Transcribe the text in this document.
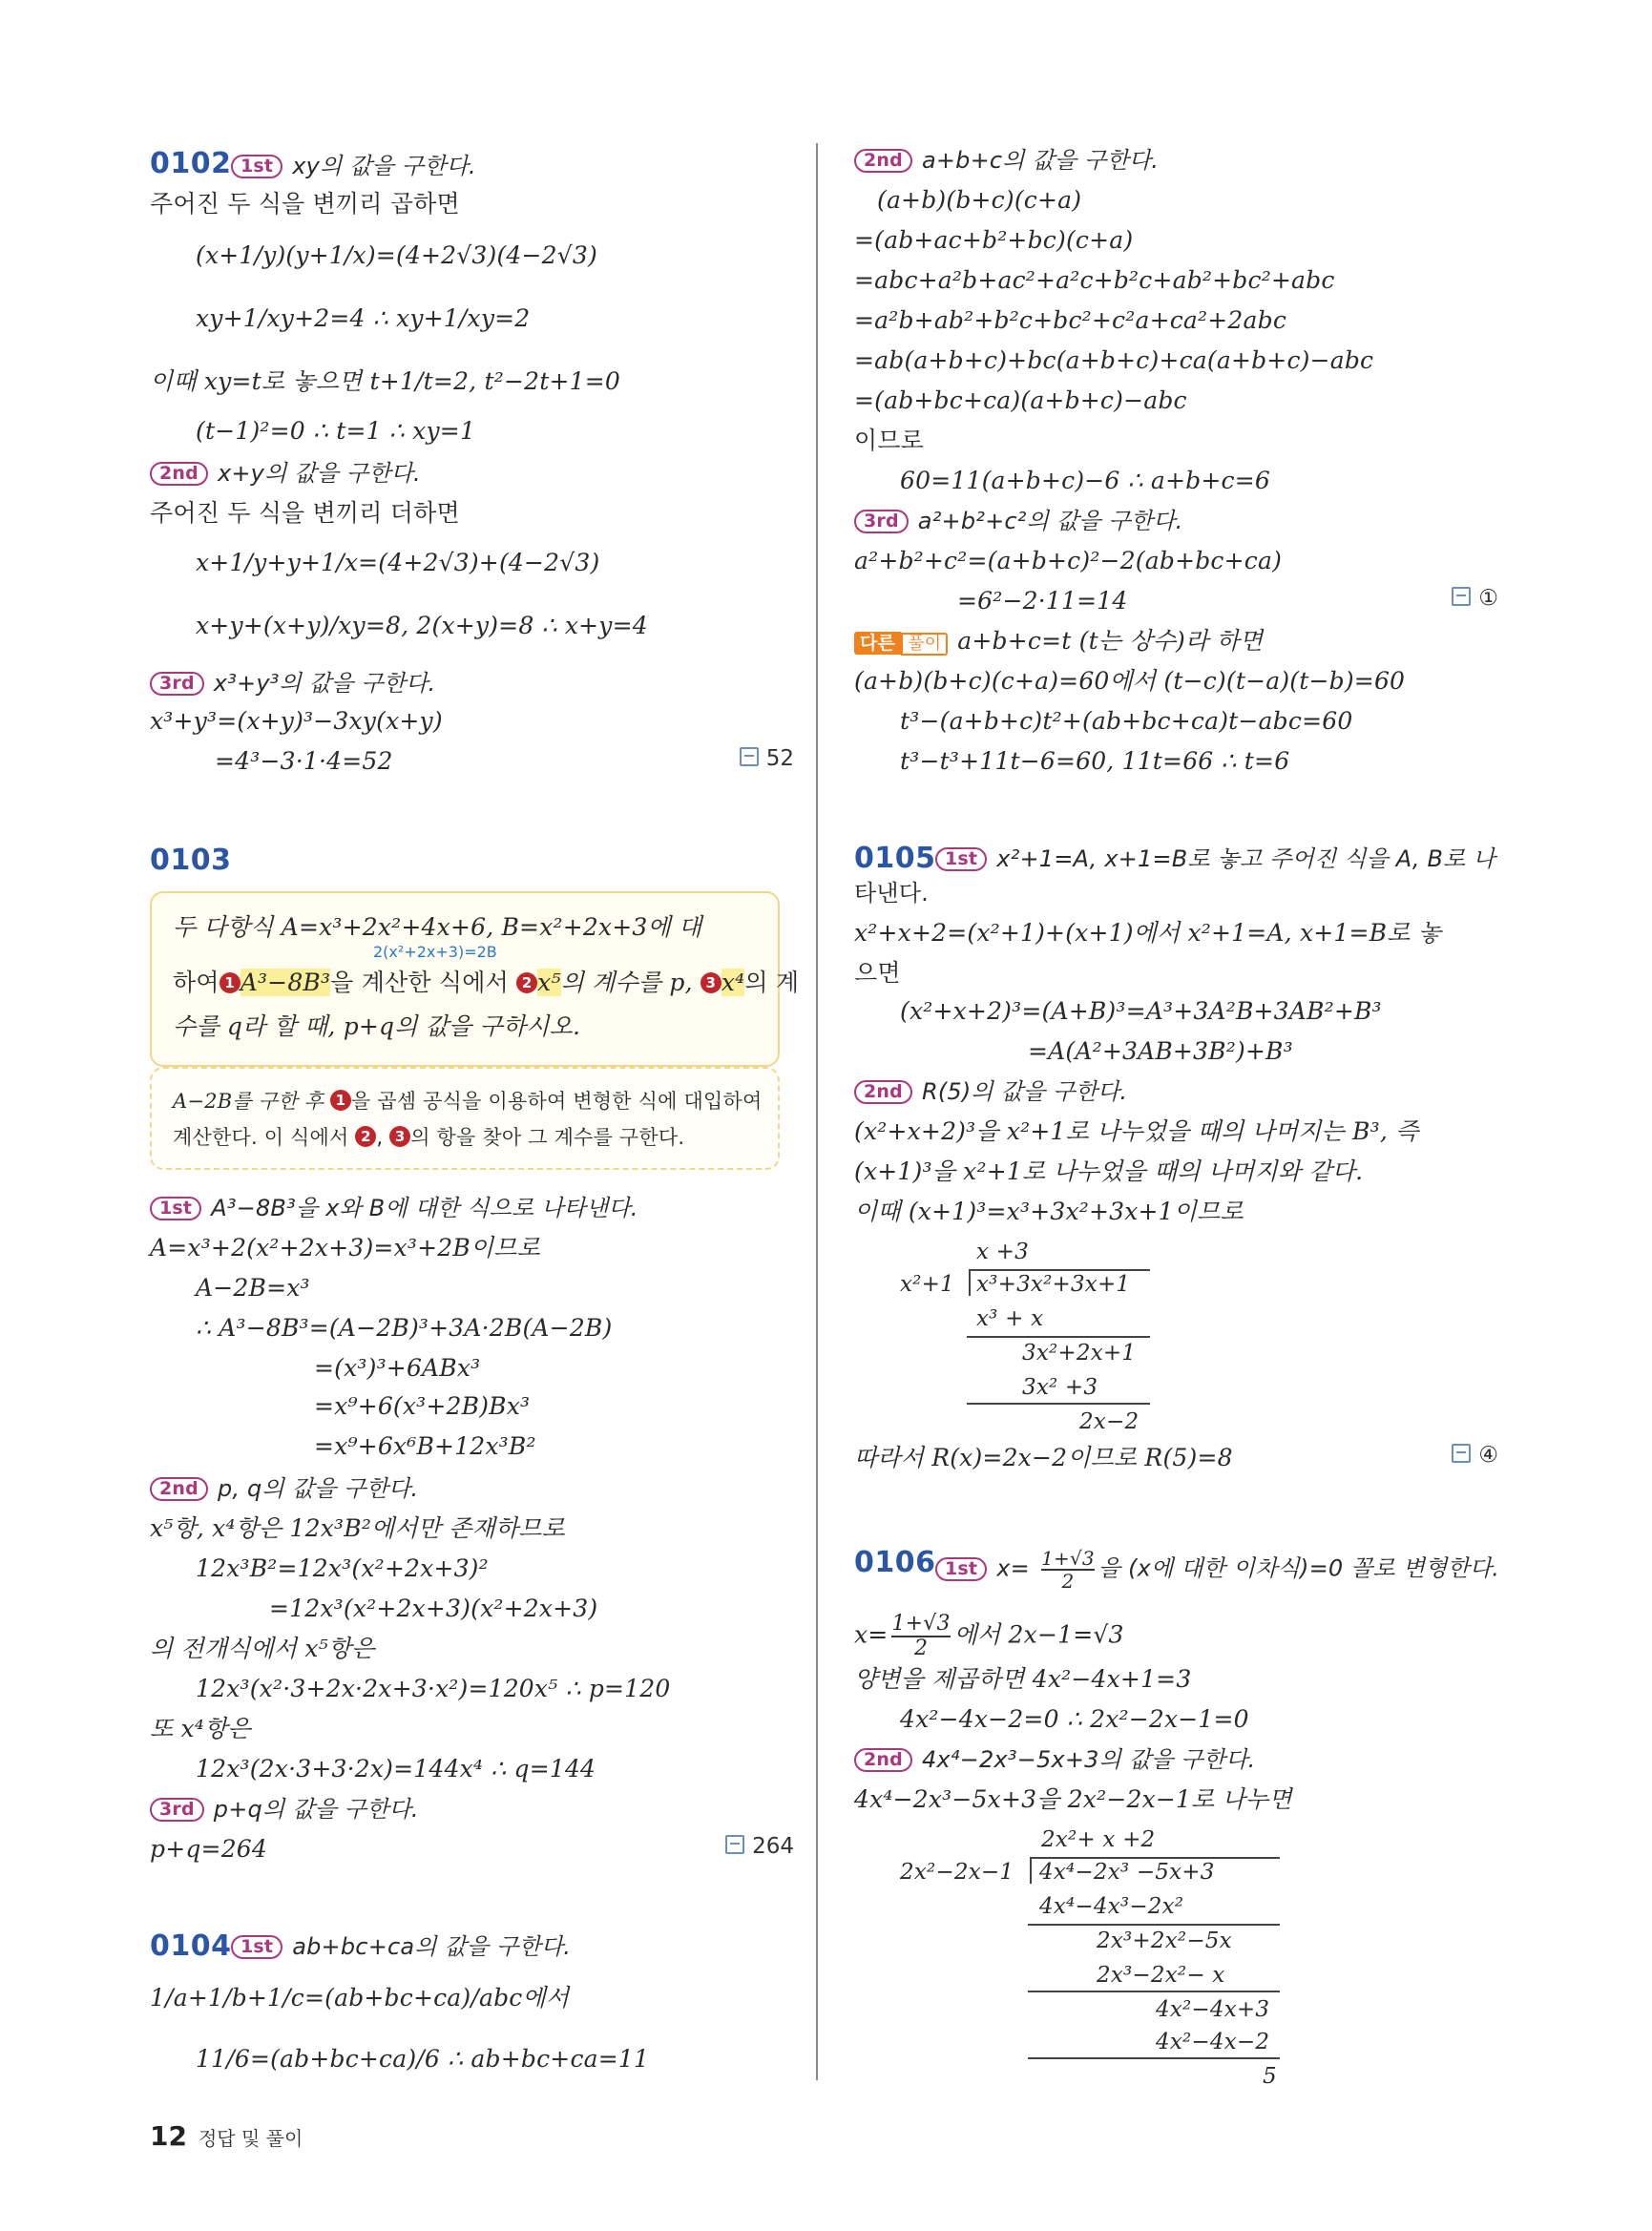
0102 1st xy의 값을 구한다.
주어진 두 식을 변끼리 곱하면
(x+1/y)(y+1/x)=(4+2√3)(4−2√3)
xy+1/xy+2=4 ∴ xy+1/xy=2
이때 xy=t로 놓으면 t+1/t=2, t²−2t+1=0
(t−1)²=0 ∴ t=1 ∴ xy=1
2nd x+y의 값을 구한다.
주어진 두 식을 변끼리 더하면
x+1/y+y+1/x=(4+2√3)+(4−2√3)
x+y+(x+y)/xy=8, 2(x+y)=8 ∴ x+y=4
3rd x³+y³의 값을 구한다.
x³+y³=(x+y)³−3xy(x+y)
=4³−3·1·4=52	52
0103
두 다항식 A=x³+2x²+4x+6, B=x²+2x+3에 대
2(x²+2x+3)=2B
하여 1 A³−8B³을 계산한 식에서 2 x⁵의 계수를 p, 3 x⁴의 계
수를 q라 할 때, p+q의 값을 구하시오.
A−2B를 구한 후 1 을 곱셈 공식을 이용하여 변형한 식에 대입하여
계산한다. 이 식에서 2 , 3 의 항을 찾아 그 계수를 구한다.
1st A³−8B³을 x와 B에 대한 식으로 나타낸다.
A=x³+2(x²+2x+3)=x³+2B이므로
A−2B=x³
∴ A³−8B³=(A−2B)³+3A·2B(A−2B)
=(x³)³+6ABx³
=x⁹+6(x³+2B)Bx³
=x⁹+6x⁶B+12x³B²
2nd p, q의 값을 구한다.
x⁵항, x⁴항은 12x³B²에서만 존재하므로
12x³B²=12x³(x²+2x+3)²
=12x³(x²+2x+3)(x²+2x+3)
의 전개식에서 x⁵항은
12x³(x²·3+2x·2x+3·x²)=120x⁵ ∴ p=120
또 x⁴항은
12x³(2x·3+3·2x)=144x⁴ ∴ q=144
3rd p+q의 값을 구한다.
p+q=264	264
0104 1st ab+bc+ca의 값을 구한다.
1/a+1/b+1/c=(ab+bc+ca)/abc에서
11/6=(ab+bc+ca)/6 ∴ ab+bc+ca=11
2nd a+b+c의 값을 구한다.
(a+b)(b+c)(c+a)
=(ab+ac+b²+bc)(c+a)
=abc+a²b+ac²+a²c+b²c+ab²+bc²+abc
=a²b+ab²+b²c+bc²+c²a+ca²+2abc
=ab(a+b+c)+bc(a+b+c)+ca(a+b+c)−abc
=(ab+bc+ca)(a+b+c)−abc
이므로
60=11(a+b+c)−6 ∴ a+b+c=6
3rd a²+b²+c²의 값을 구한다.
a²+b²+c²=(a+b+c)²−2(ab+bc+ca)
=6²−2·11=14	①
다른 풀이 a+b+c=t (t는 상수)라 하면
(a+b)(b+c)(c+a)=60에서 (t−c)(t−a)(t−b)=60
t³−(a+b+c)t²+(ab+bc+ca)t−abc=60
t³−t³+11t−6=60, 11t=66 ∴ t=6
0105 1st x²+1=A, x+1=B로 놓고 주어진 식을 A, B로 나
타낸다.
x²+x+2=(x²+1)+(x+1)에서 x²+1=A, x+1=B로 놓
으면
(x²+x+2)³=(A+B)³=A³+3A²B+3AB²+B³
=A(A²+3AB+3B²)+B³
2nd R(5)의 값을 구한다.
(x²+x+2)³을 x²+1로 나누었을 때의 나머지는 B³, 즉
(x+1)³을 x²+1로 나누었을 때의 나머지와 같다.
이때 (x+1)³=x³+3x²+3x+1이므로
x +3
x²+1 x³+3x²+3x+1
x³ + x
3x²+2x+1
3x² +3
2x−2
따라서 R(x)=2x−2이므로 R(5)=8	④
0106 1st $x= \frac{1+√3}{2}$ 을 (x에 대한 이차식)=0 꼴로 변형한다.
$x= \frac{1+√3}{2}$ 에서 2x−1=√3
양변을 제곱하면 4x²−4x+1=3
4x²−4x−2=0 ∴ 2x²−2x−1=0
2nd 4x⁴−2x³−5x+3의 값을 구한다.
4x⁴−2x³−5x+3을 2x²−2x−1로 나누면
2x²+ x +2
2x²−2x−1 4x⁴−2x³ −5x+3
4x⁴−4x³−2x²
2x³+2x²−5x
2x³−2x²− x
4x²−4x+3
4x²−4x−2
5
12 정답 및 풀이
